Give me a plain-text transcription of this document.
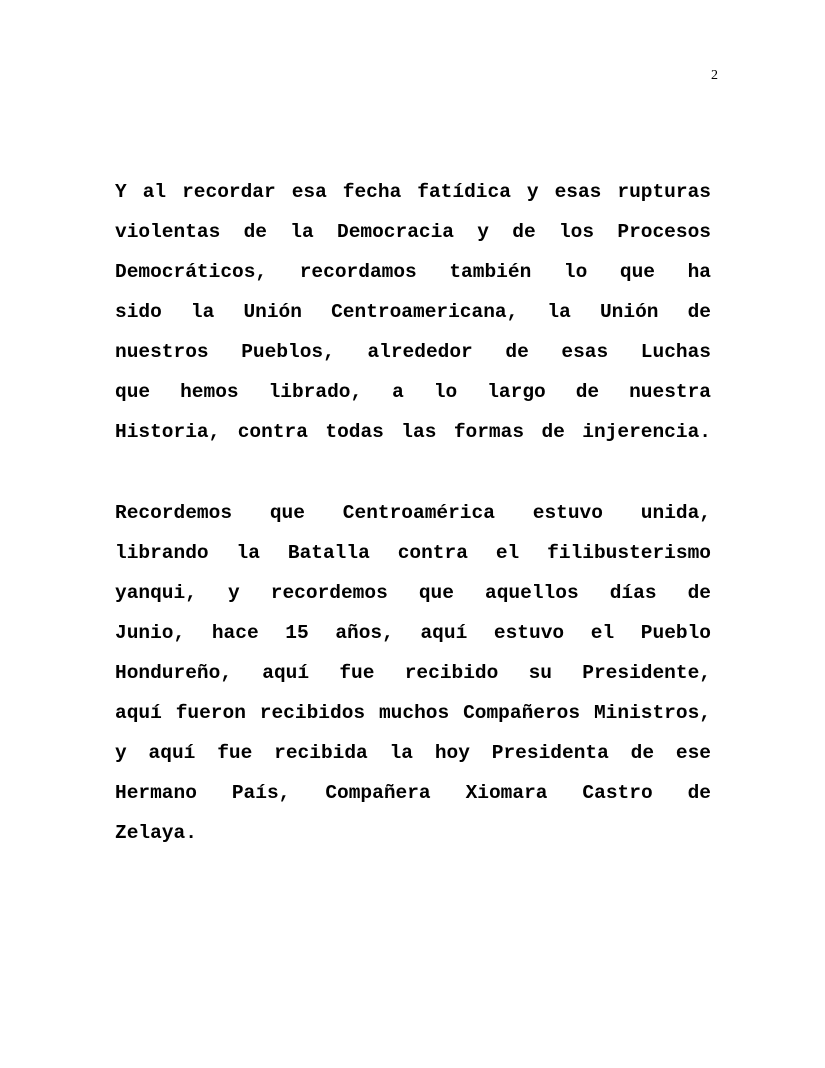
2
Y al recordar esa fecha fatídica y esas rupturas
violentas de la Democracia y de los Procesos
Democráticos, recordamos también lo que ha
sido la Unión Centroamericana, la Unión de
nuestros Pueblos, alrededor de esas Luchas
que hemos librado, a lo largo de nuestra
Historia, contra todas las formas de injerencia.
Recordemos que Centroamérica estuvo unida,
librando la Batalla contra el filibusterismo
yanqui, y recordemos que aquellos días de
Junio, hace 15 años, aquí estuvo el Pueblo
Hondureño, aquí fue recibido su Presidente,
aquí fueron recibidos muchos Compañeros Ministros,
y aquí fue recibida la hoy Presidenta de ese
Hermano País, Compañera Xiomara Castro de
Zelaya.
